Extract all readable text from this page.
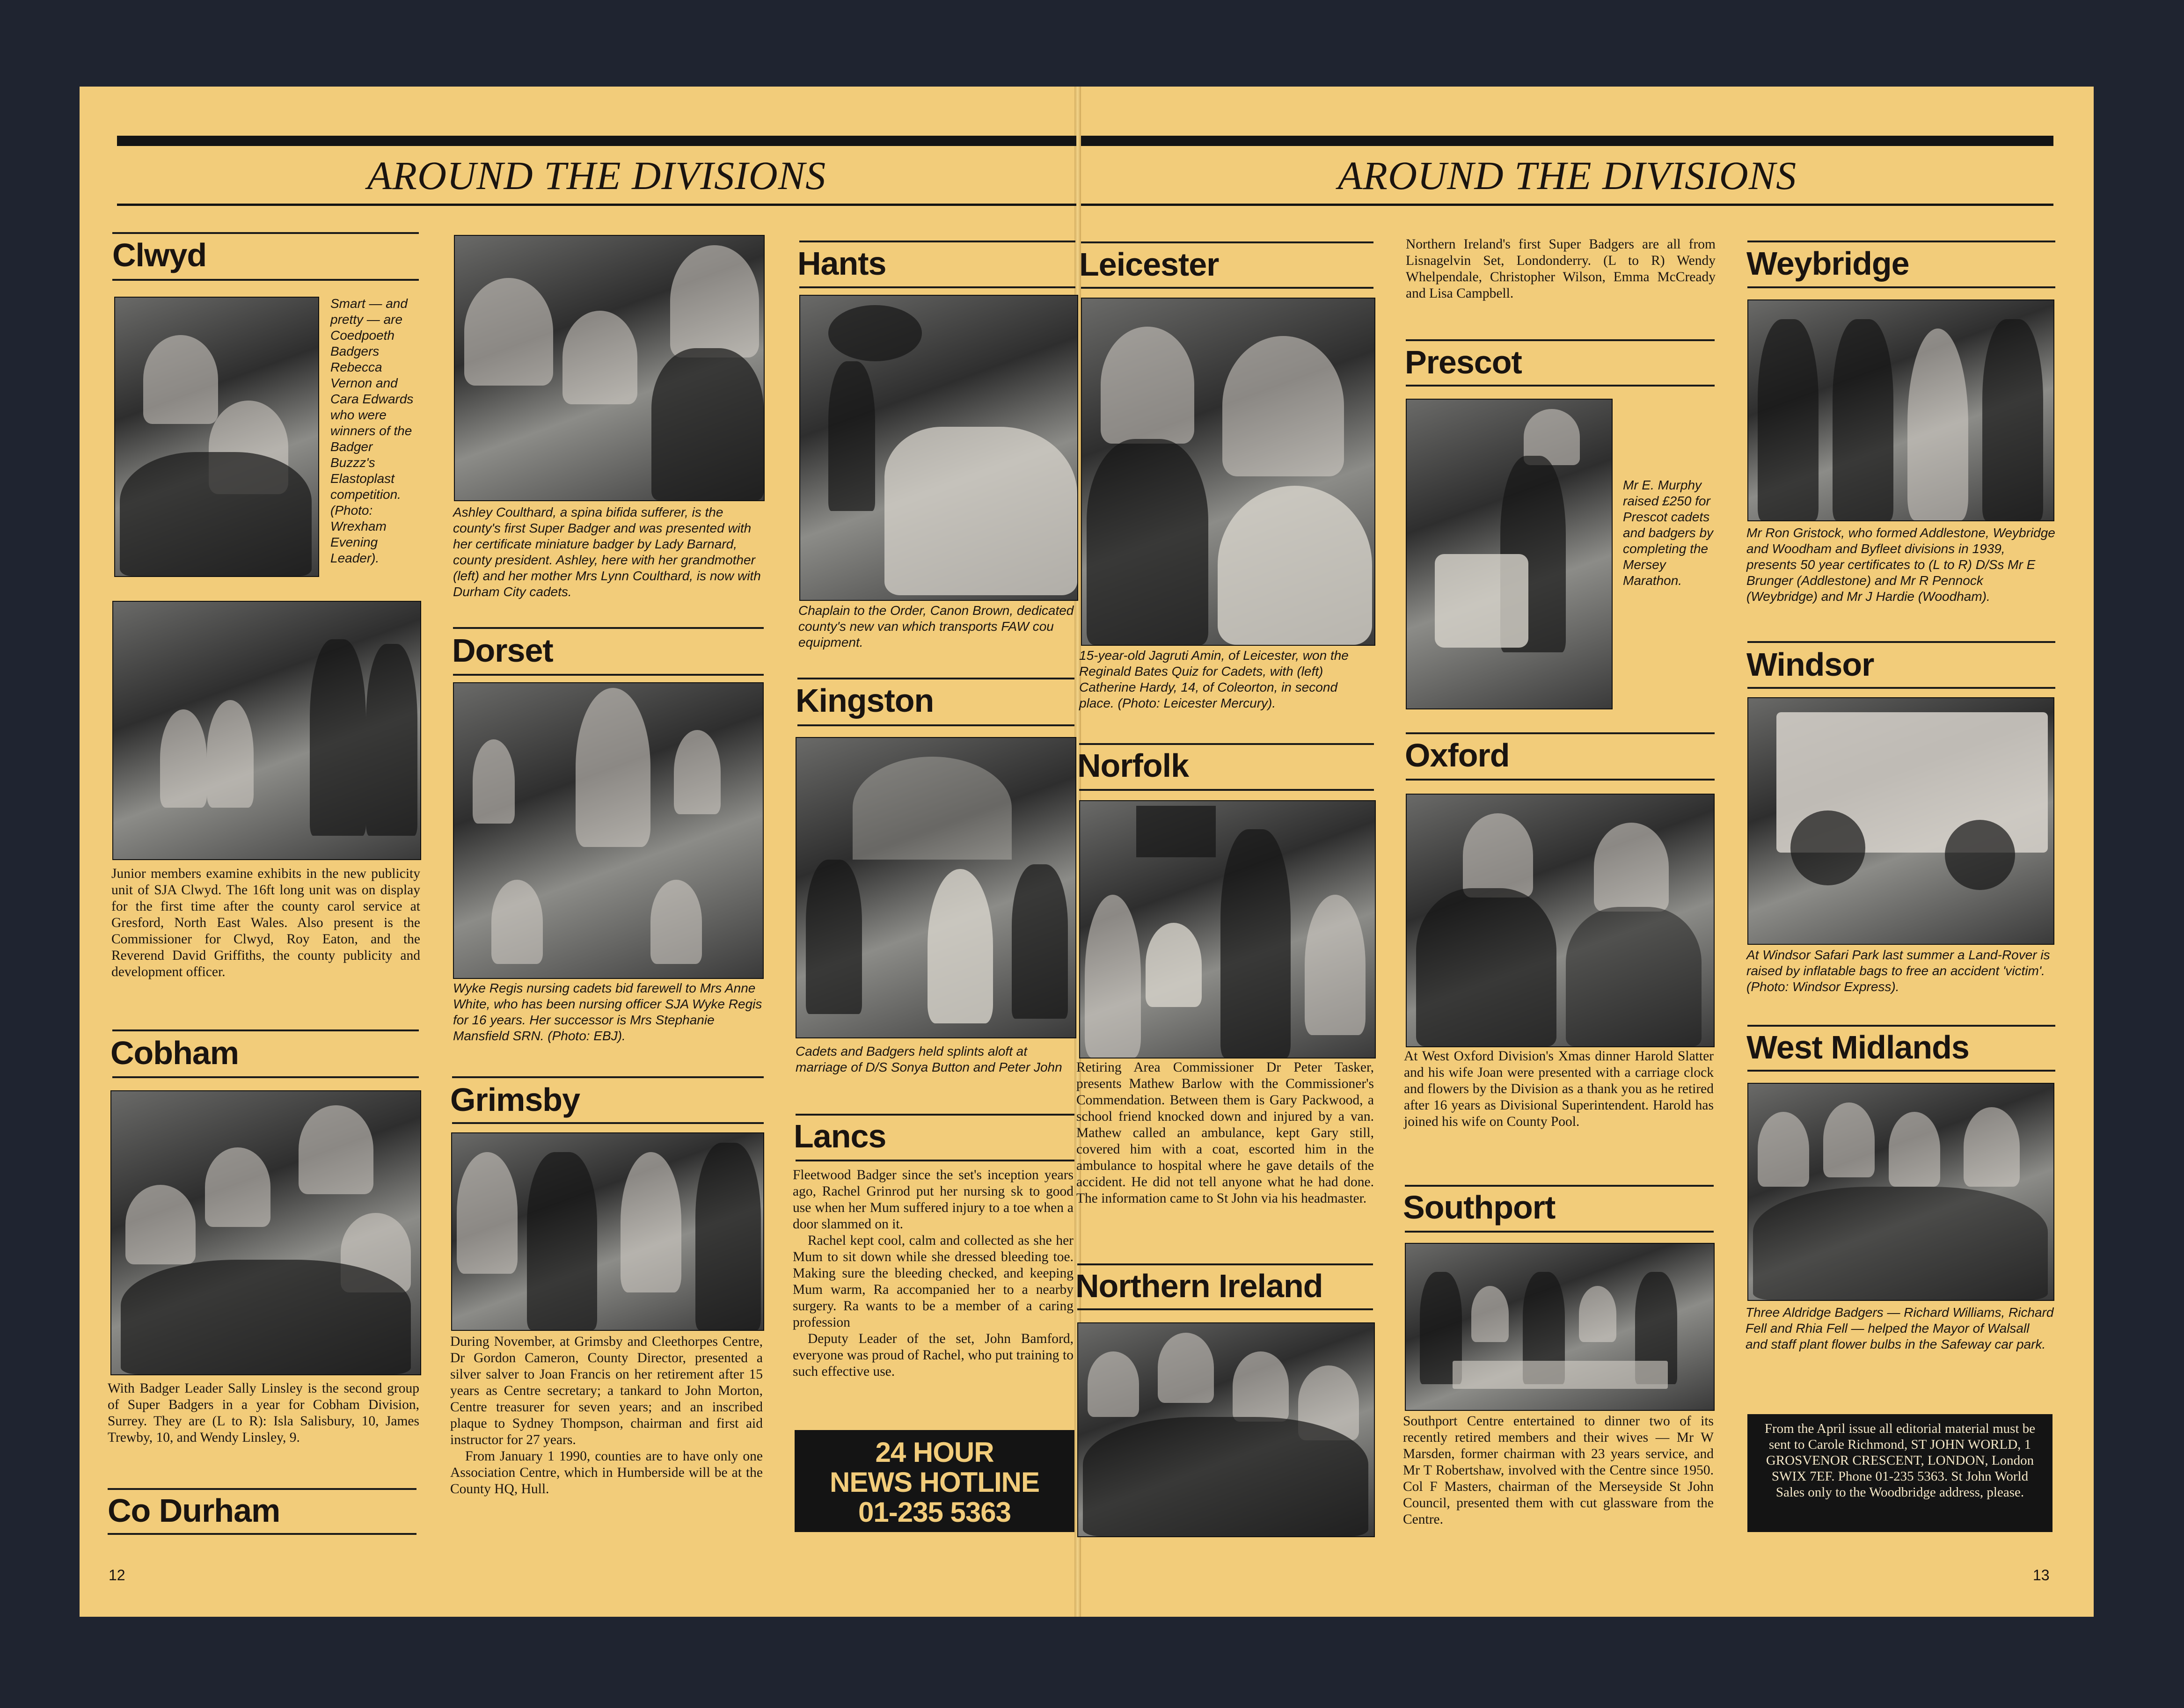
AROUND THE DIVISIONS	AROUND THE DIVISIONS
Clwyd
Smart — and pretty — are Coedpoeth Badgers Rebecca Vernon and Cara Edwards who were winners of the Badger Buzzz's Elastoplast competition. (Photo: Wrexham Evening Leader).
Junior members examine exhibits in the new publicity unit of SJA Clwyd. The 16ft long unit was on display for the first time after the county carol service at Gresford, North East Wales. Also present is the Commissioner for Clwyd, Roy Eaton, and the Reverend David Griffiths, the county publicity and development officer.
Cobham
With Badger Leader Sally Linsley is the second group of Super Badgers in a year for Cobham Division, Surrey. They are (L to R): Isla Salisbury, 10, James Trewby, 10, and Wendy Linsley, 9.
Co Durham
12
Ashley Coulthard, a spina bifida sufferer, is the county's first Super Badger and was presented with her certificate miniature badger by Lady Barnard, county president. Ashley, here with her grandmother (left) and her mother Mrs Lynn Coulthard, is now with Durham City cadets.
Dorset
Wyke Regis nursing cadets bid farewell to Mrs Anne White, who has been nursing officer SJA Wyke Regis for 16 years. Her successor is Mrs Stephanie Mansfield SRN. (Photo: EBJ).
Grimsby

During November, at Grimsby and Cleethorpes Centre, Dr Gordon Cameron, County Director, presented a silver salver to Joan Francis on her retirement after 15 years as Centre secretary; a tankard to John Morton, Centre treasurer for seven years; and an inscribed plaque to Sydney Thompson, chairman and first aid instructor for 27 years.

From January 1 1990, counties are to have only one Association Centre, which in Humberside will be at the County HQ, Hull.

Hants
Chaplain to the Order, Canon Brown, dedicated county's new van which transports FAW cou equipment.
Kingston
Cadets and Badgers held splints aloft at marriage of D/S Sonya Button and Peter John
Lancs

Fleetwood Badger since the set's inception years ago, Rachel Grinrod put her nursing sk to good use when her Mum suffered injury to a toe when a door slammed on it.

Rachel kept cool, calm and collected as she her Mum to sit down while she dressed bleeding toe. Making sure the bleeding checked, and keeping Mum warm, Ra accompanied her to a nearby surgery. Ra wants to be a member of a caring profession

Deputy Leader of the set, John Bamford, everyone was proud of Rachel, who put training to such effective use.

24 HOUR
NEWS HOTLINE
01-235 5363
Leicester
15-year-old Jagruti Amin, of Leicester, won the Reginald Bates Quiz for Cadets, with (left) Catherine Hardy, 14, of Coleorton, in second place. (Photo: Leicester Mercury).
Norfolk
Retiring Area Commissioner Dr Peter Tasker, presents Mathew Barlow with the Commissioner's Commendation. Between them is Gary Packwood, a school friend knocked down and injured by a van. Mathew called an ambulance, kept Gary still, covered him with a coat, escorted him in the ambulance to hospital where he gave details of the accident. He did not tell anyone what he had done. The information came to St John via his headmaster.
Northern Ireland
Northern Ireland's first Super Badgers are all from Lisnagelvin Set, Londonderry. (L to R) Wendy Whelpendale, Christopher Wilson, Emma McCready and Lisa Campbell.
Prescot
Mr E. Murphy raised £250 for Prescot cadets and badgers by completing the Mersey Marathon.
Oxford
At West Oxford Division's Xmas dinner Harold Slatter and his wife Joan were presented with a carriage clock and flowers by the Division as a thank you as he retired after 16 years as Divisional Superintendent. Harold has joined his wife on County Pool.
Southport
Southport Centre entertained to dinner two of its recently retired members and their wives — Mr W Marsden, former chairman with 23 years service, and Mr T Robertshaw, involved with the Centre since 1950. Col F Masters, chairman of the Merseyside St John Council, presented them with cut glassware from the Centre.
Weybridge
Mr Ron Gristock, who formed Addlestone, Weybridge and Woodham and Byfleet divisions in 1939, presents 50 year certificates to (L to R) D/Ss Mr E Brunger (Addlestone) and Mr R Pennock (Weybridge) and Mr J Hardie (Woodham).
Windsor
At Windsor Safari Park last summer a Land-Rover is raised by inflatable bags to free an accident 'victim'. (Photo: Windsor Express).
West Midlands
Three Aldridge Badgers — Richard Williams, Richard Fell and Rhia Fell — helped the Mayor of Walsall and staff plant flower bulbs in the Safeway car park.
From the April issue all editorial material must be sent to Carole Richmond, ST JOHN WORLD, 1 GROSVENOR CRESCENT, LONDON, London SWIX 7EF. Phone 01-235 5363. St John World Sales only to the Woodbridge address, please.
13
